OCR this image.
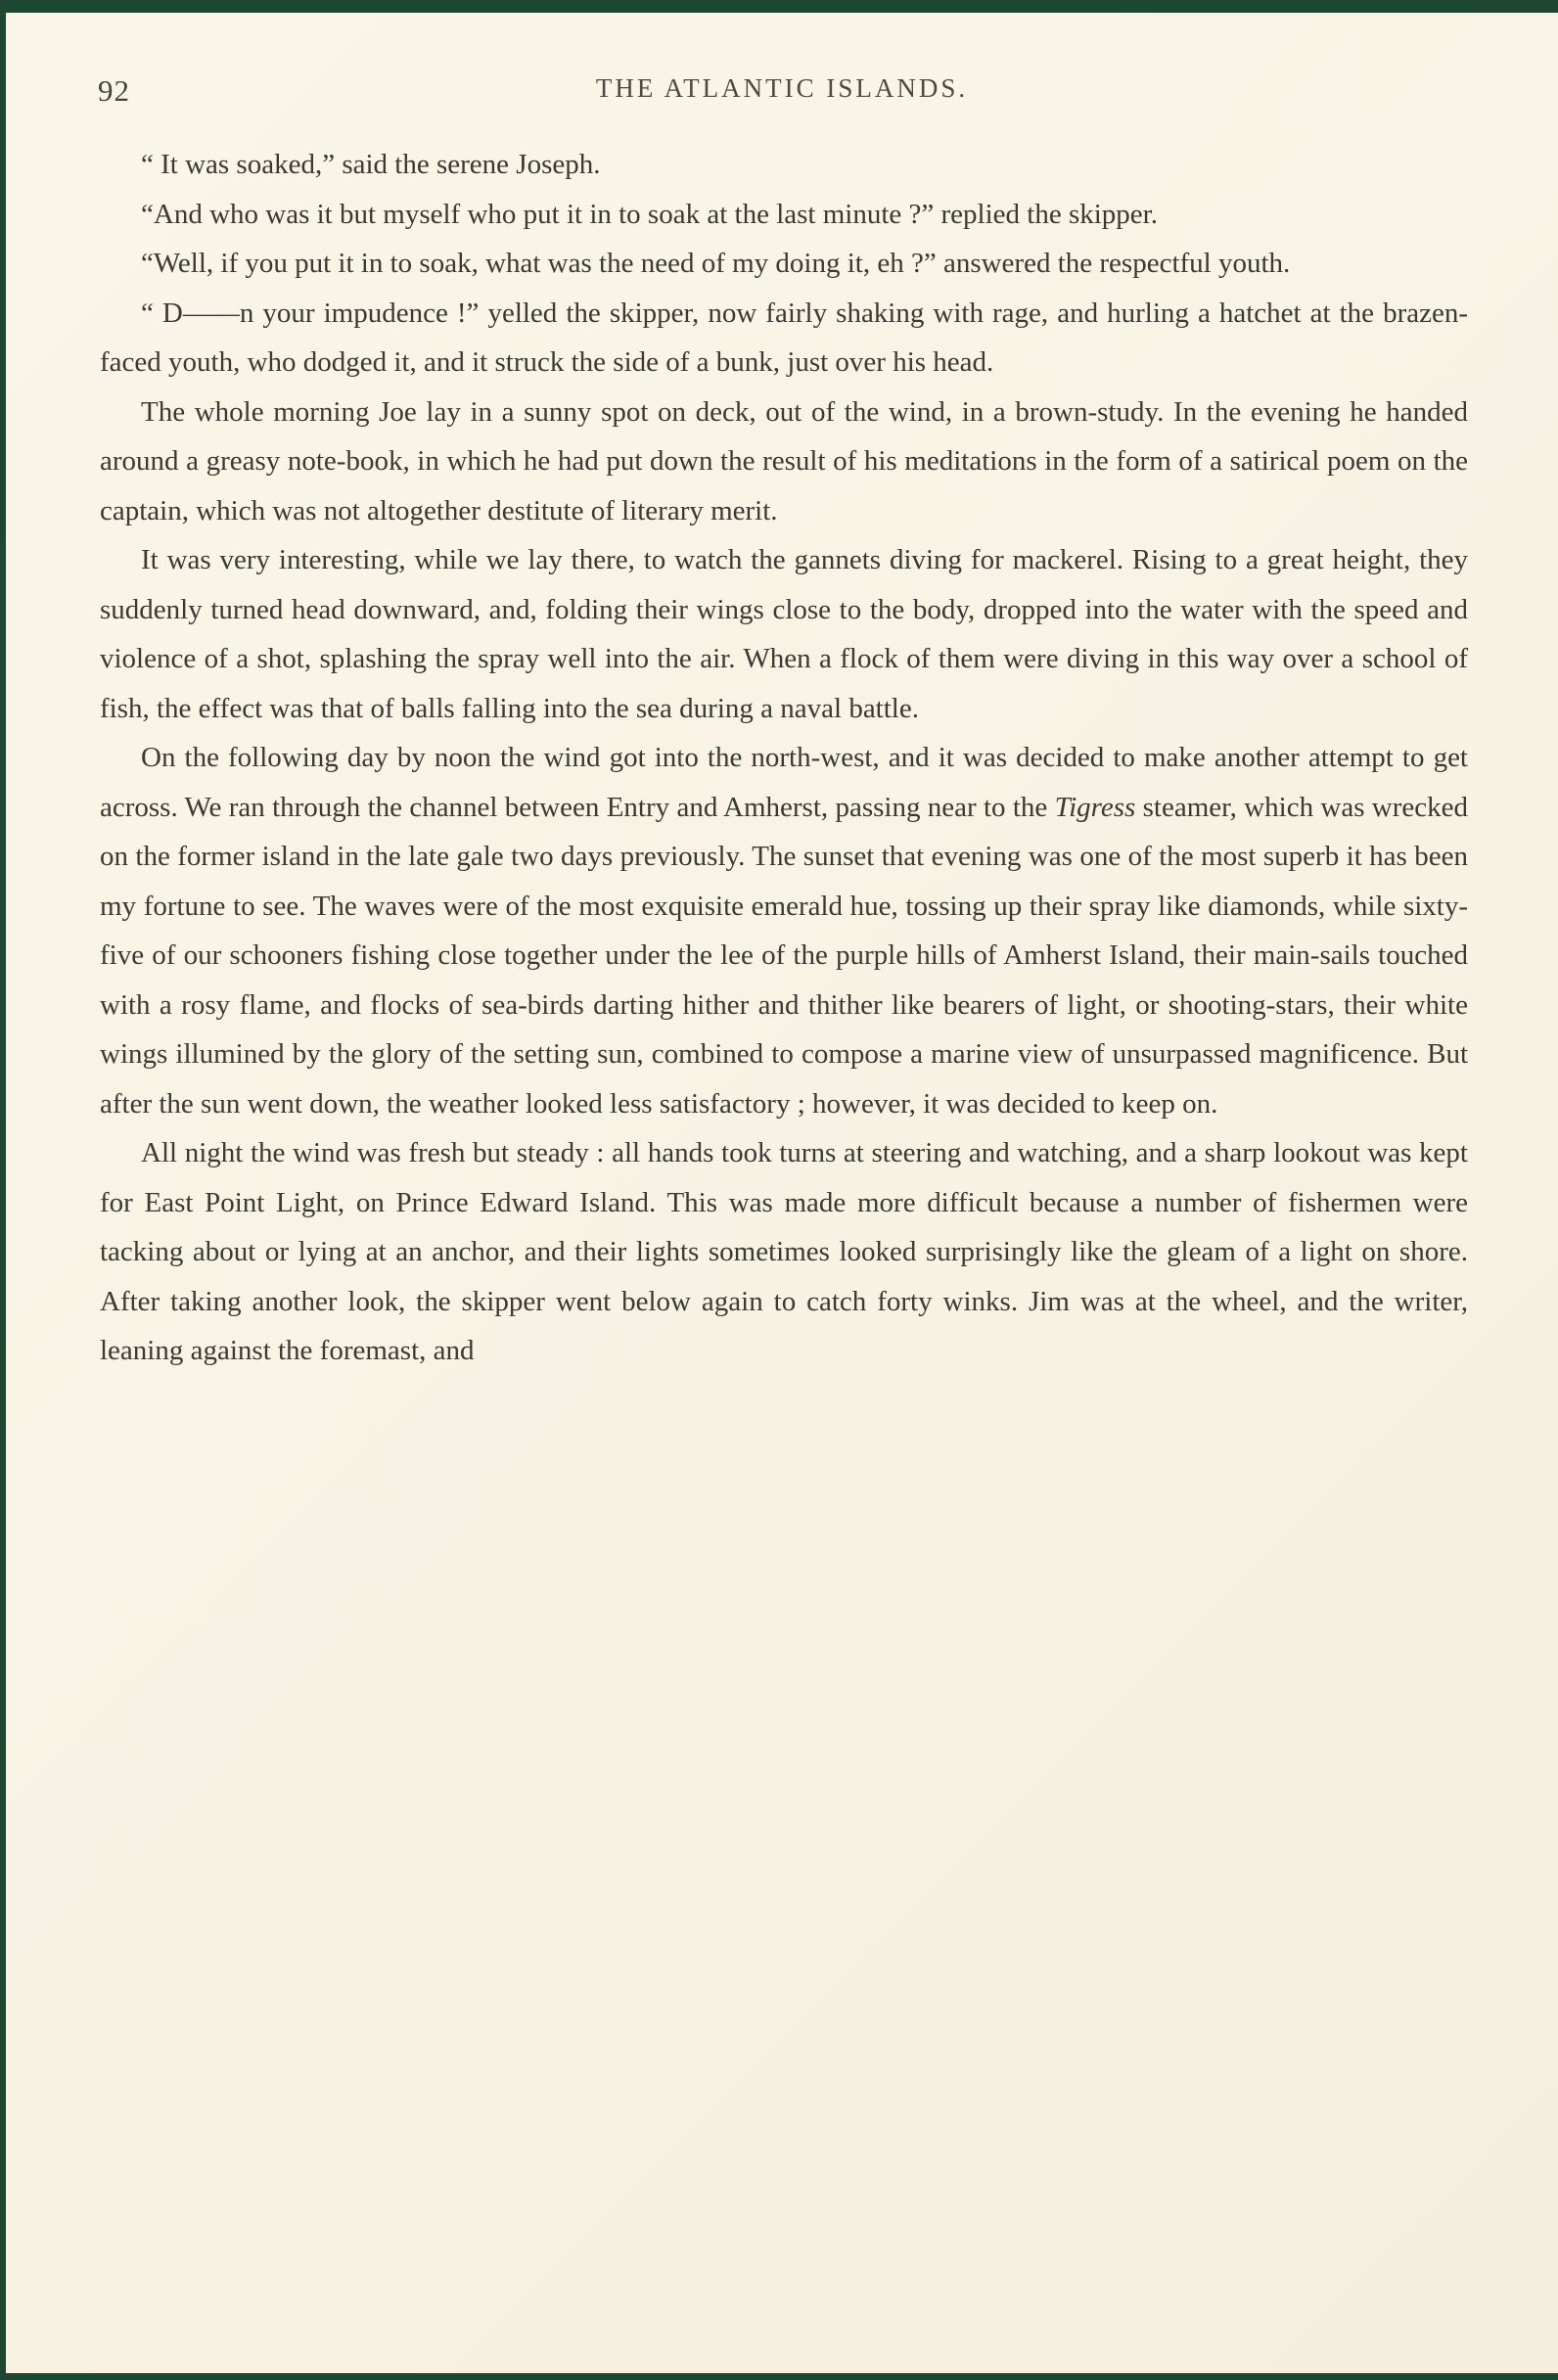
92	THE ATLANTIC ISLANDS.

“ It was soaked,” said the serene Joseph.

“And who was it but myself who put it in to soak at the last minute ?” replied the skipper.

“Well, if you put it in to soak, what was the need of my doing it, eh ?” answered the respectful youth.

“ D——n your impudence !” yelled the skipper, now fairly shaking with rage, and hurling a hatchet at the brazen-faced youth, who dodged it, and it struck the side of a bunk, just over his head.

The whole morning Joe lay in a sunny spot on deck, out of the wind, in a brown-study. In the evening he handed around a greasy note-book, in which he had put down the result of his meditations in the form of a satirical poem on the captain, which was not altogether destitute of literary merit.

It was very interesting, while we lay there, to watch the gannets diving for mackerel. Rising to a great height, they suddenly turned head downward, and, folding their wings close to the body, dropped into the water with the speed and violence of a shot, splashing the spray well into the air. When a flock of them were diving in this way over a school of fish, the effect was that of balls falling into the sea during a naval battle.

On the following day by noon the wind got into the north-west, and it was decided to make another attempt to get across. We ran through the channel between Entry and Amherst, passing near to the Tigress steamer, which was wrecked on the former island in the late gale two days previously. The sunset that evening was one of the most superb it has been my fortune to see. The waves were of the most exquisite emerald hue, tossing up their spray like diamonds, while sixty-five of our schooners fishing close together under the lee of the purple hills of Amherst Island, their main-sails touched with a rosy flame, and flocks of sea-birds darting hither and thither like bearers of light, or shooting-stars, their white wings illumined by the glory of the setting sun, combined to compose a marine view of unsurpassed magnificence. But after the sun went down, the weather looked less satisfactory ; however, it was decided to keep on.

All night the wind was fresh but steady : all hands took turns at steering and watching, and a sharp lookout was kept for East Point Light, on Prince Edward Island. This was made more difficult because a number of fishermen were tacking about or lying at an anchor, and their lights sometimes looked surprisingly like the gleam of a light on shore. After taking another look, the skipper went below again to catch forty winks. Jim was at the wheel, and the writer, leaning against the foremast, and
